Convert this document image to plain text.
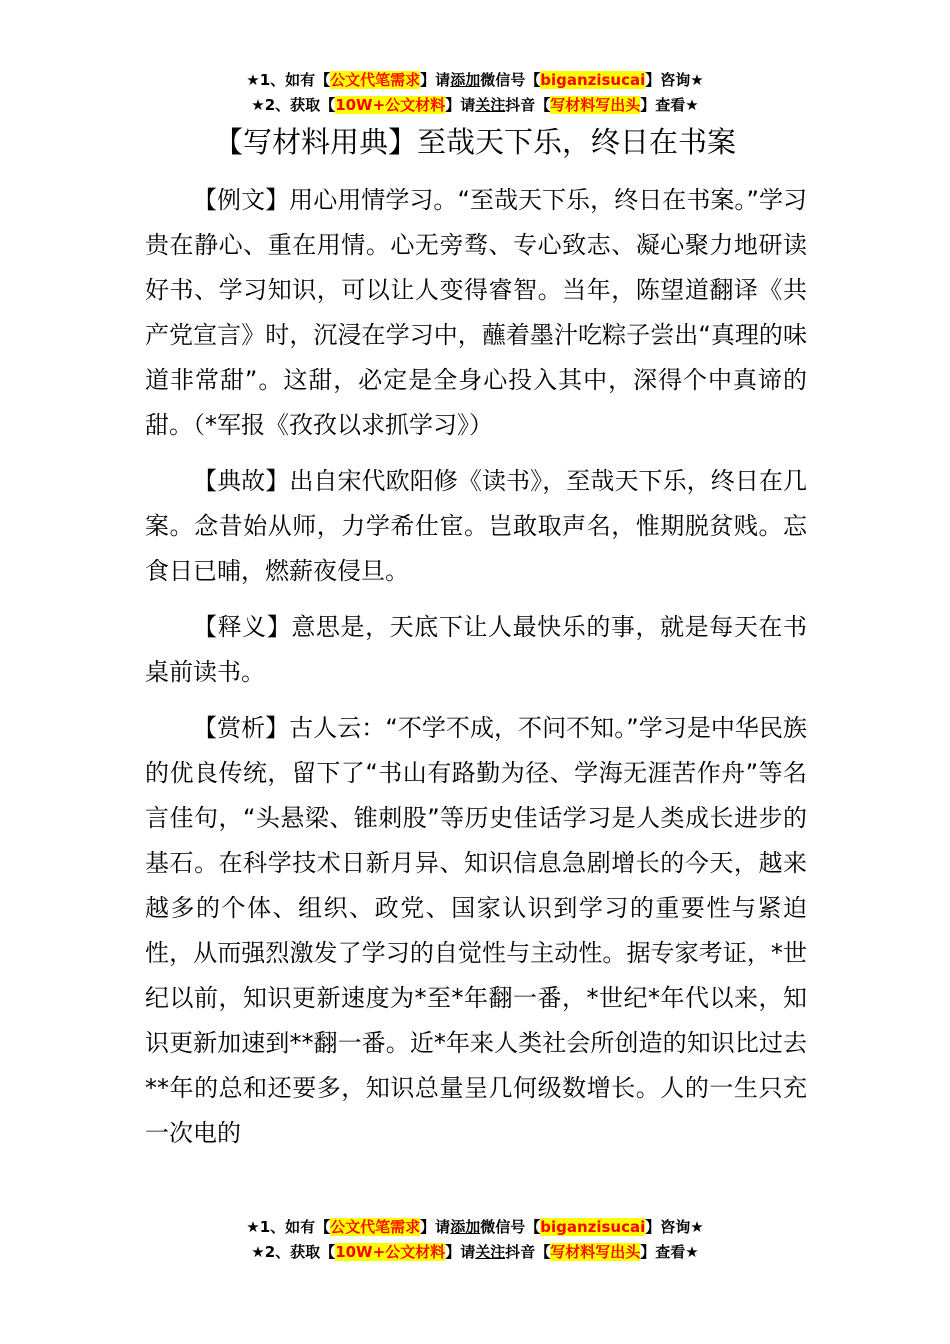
★1、如有【公文代笔需求】请添加微信号【biganzisucai】咨询★
★2、获取【10W+公文材料】请关注抖音【写材料写出头】查看★
【写材料用典】至哉天下乐，终日在书案

【例文】用心用情学习。“至哉天下乐，终日在书案。”学习贵在静心、重在用情。心无旁骛、专心致志、凝心聚力地研读好书、学习知识，可以让人变得睿智。当年，陈望道翻译《共产党宣言》时，沉浸在学习中，蘸着墨汁吃粽子尝出“真理的味道非常甜”。这甜，必定是全身心投入其中，深得个中真谛的甜。（*军报《孜孜以求抓学习》）

【典故】出自宋代欧阳修《读书》，至哉天下乐，终日在几案。念昔始从师，力学希仕宦。岂敢取声名，惟期脱贫贱。忘食日已晡，燃薪夜侵旦。

【释义】意思是，天底下让人最快乐的事，就是每天在书桌前读书。

【赏析】古人云：“不学不成，不问不知。”学习是中华民族的优良传统，留下了“书山有路勤为径、学海无涯苦作舟”等名言佳句，“头悬梁、锥刺股”等历史佳话学习是人类成长进步的基石。在科学技术日新月异、知识信息急剧增长的今天，越来越多的个体、组织、政党、国家认识到学习的重要性与紧迫性，从而强烈激发了学习的自觉性与主动性。据专家考证，*世纪以前，知识更新速度为*至*年翻一番，*世纪*年代以来，知识更新加速到**翻一番。近*年来人类社会所创造的知识比过去**年的总和还要多，知识总量呈几何级数增长。人的一生只充一次电的

★1、如有【公文代笔需求】请添加微信号【biganzisucai】咨询★
★2、获取【10W+公文材料】请关注抖音【写材料写出头】查看★
